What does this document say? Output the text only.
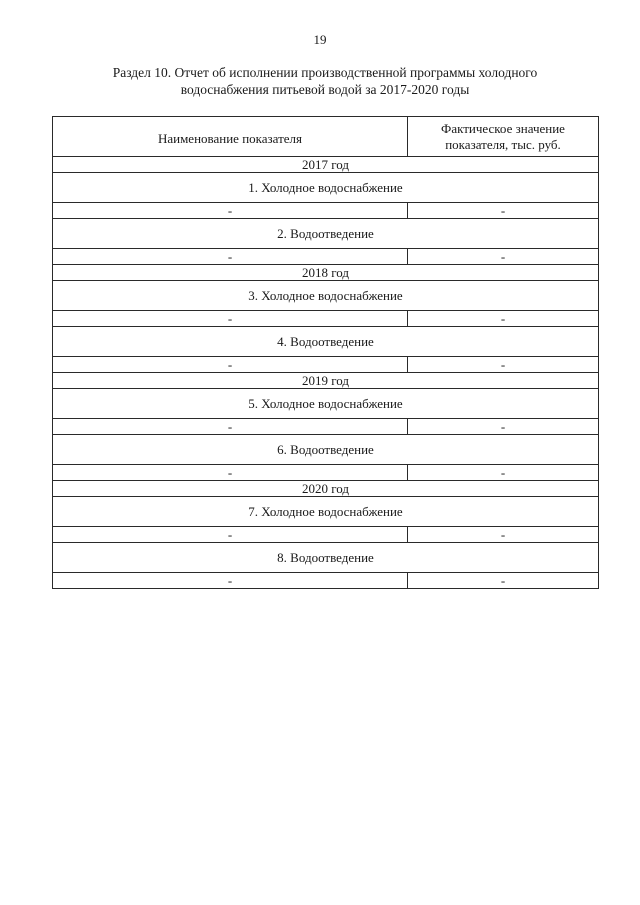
19
Раздел 10. Отчет об исполнении производственной программы холодного
водоснабжения питьевой водой за 2017-2020 годы
Наименование показателя	Фактическое значение показателя, тыс. руб.
2017 год	
1. Холодное водоснабжение	
-	-
2. Водоотведение	
-	-
2018 год	
3. Холодное водоснабжение	
-	-
4. Водоотведение	
-	-
2019 год	
5. Холодное водоснабжение	
-	-
6. Водоотведение	
-	-
2020 год	
7. Холодное водоснабжение	
-	-
8. Водоотведение	
-	-
